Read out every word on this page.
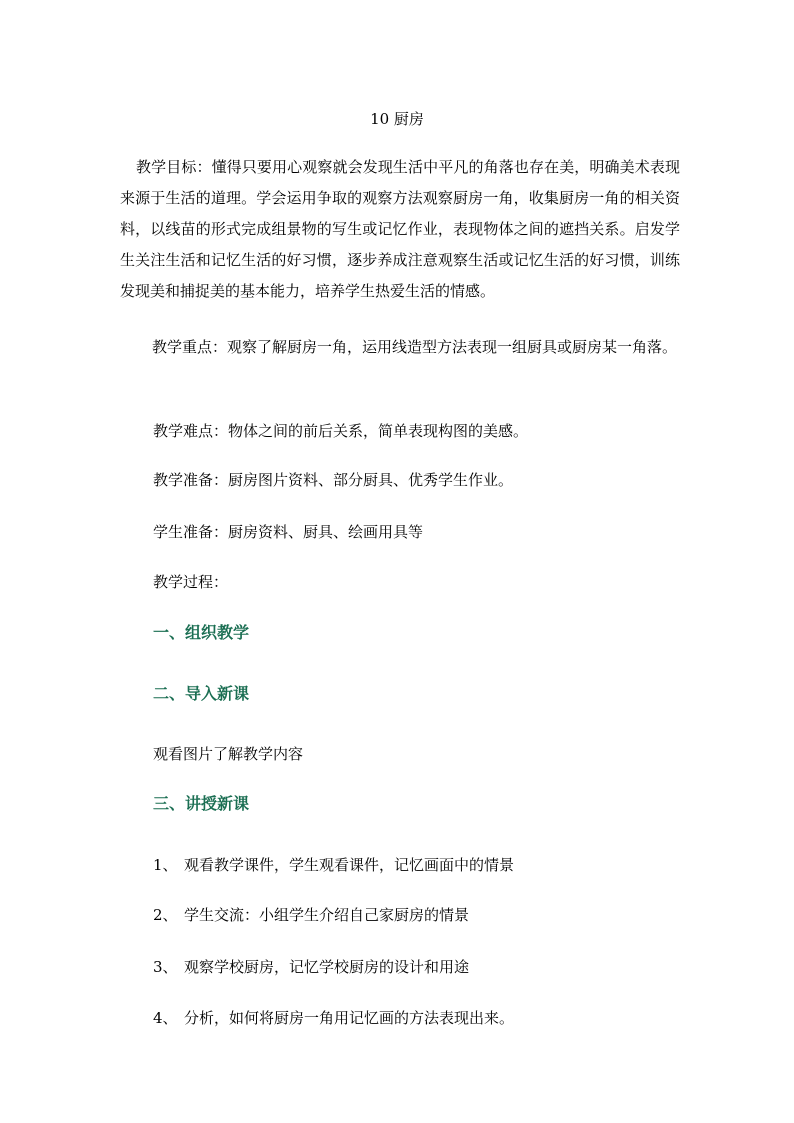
10 厨房

教学目标：懂得只要用心观察就会发现生活中平凡的角落也存在美，明确美术表现来源于生活的道理。学会运用争取的观察方法观察厨房一角，收集厨房一角的相关资料，以线苗的形式完成组景物的写生或记忆作业，表现物体之间的遮挡关系。启发学生关注生活和记忆生活的好习惯，逐步养成注意观察生活或记忆生活的好习惯，训练发现美和捕捉美的基本能力，培养学生热爱生活的情感。

教学重点：观察了解厨房一角，运用线造型方法表现一组厨具或厨房某一角落。

教学难点：物体之间的前后关系，简单表现构图的美感。
教学准备：厨房图片资料、部分厨具、优秀学生作业。
学生准备：厨房资料、厨具、绘画用具等
教学过程：
一、组织教学
二、导入新课
观看图片了解教学内容
三、讲授新课
1、 观看教学课件，学生观看课件，记忆画面中的情景
2、 学生交流：小组学生介绍自己家厨房的情景
3、 观察学校厨房，记忆学校厨房的设计和用途
4、 分析，如何将厨房一角用记忆画的方法表现出来。
